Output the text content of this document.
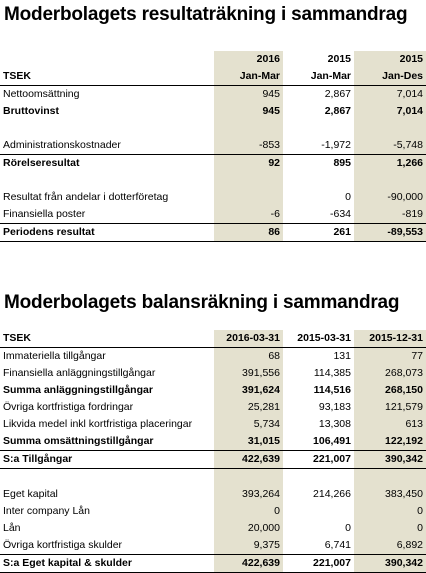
Moderbolagets resultaträkning i sammandrag
	2016	2015	2015
TSEK	Jan-Mar	Jan-Mar	Jan-Des
Nettoomsättning	945	2,867	7,014
Bruttovinst	945	2,867	7,014

Administrationskostnader	-853	-1,972	-5,748
Rörelseresultat	92	895	1,266

Resultat från andelar i dotterföretag		0	-90,000
Finansiella poster	-6	-634	-819
Periodens resultat	86	261	-89,553
Moderbolagets balansräkning i sammandrag
TSEK	2016-03-31	2015-03-31	2015-12-31
Immateriella tillgångar	68	131	77
Finansiella anläggningstillgångar	391,556	114,385	268,073
Summa anläggningstillgångar	391,624	114,516	268,150
Övriga kortfristiga fordringar	25,281	93,183	121,579
Likvida medel inkl kortfristiga placeringar	5,734	13,308	613
Summa omsättningstillgångar	31,015	106,491	122,192
S:a Tillgångar	422,639	221,007	390,342

Eget kapital	393,264	214,266	383,450
Inter company Lån	0		0
Lån	20,000	0	0
Övriga kortfristiga skulder	9,375	6,741	6,892
S:a Eget kapital & skulder	422,639	221,007	390,342
